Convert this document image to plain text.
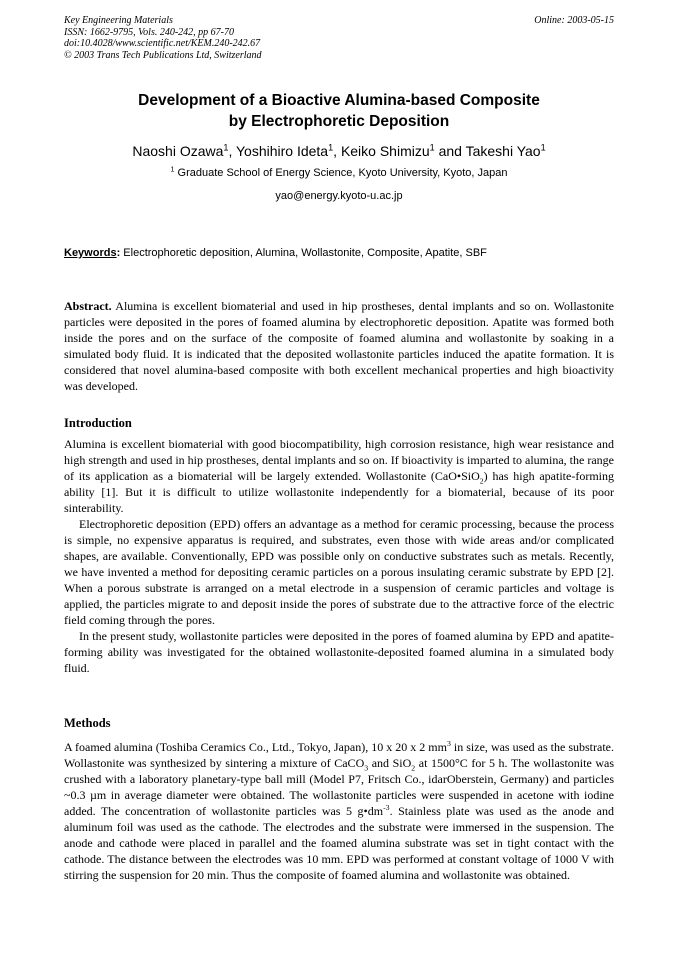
Key Engineering Materials
ISSN: 1662-9795, Vols. 240-242, pp 67-70
doi:10.4028/www.scientific.net/KEM.240-242.67
© 2003 Trans Tech Publications Ltd, Switzerland
Online: 2003-05-15
Development of a Bioactive Alumina-based Composite
by Electrophoretic Deposition
Naoshi Ozawa$^1$, Yoshihiro Ideta$^1$, Keiko Shimizu$^1$ and Takeshi Yao$^1$
$^1$ Graduate School of Energy Science, Kyoto University, Kyoto, Japan
yao@energy.kyoto-u.ac.jp
Keywords: Electrophoretic deposition, Alumina, Wollastonite, Composite, Apatite, SBF

Abstract. Alumina is excellent biomaterial and used in hip prostheses, dental implants and so on. Wollastonite particles were deposited in the pores of foamed alumina by electrophoretic deposition. Apatite was formed both inside the pores and on the surface of the composite of foamed alumina and wollastonite by soaking in a simulated body fluid. It is indicated that the deposited wollastonite particles induced the apatite formation. It is considered that novel alumina-based composite with both excellent mechanical properties and high bioactivity was developed.

Introduction

Alumina is excellent biomaterial with good biocompatibility, high corrosion resistance, high wear resistance and high strength and used in hip prostheses, dental implants and so on. If bioactivity is imparted to alumina, the range of its application as a biomaterial will be largely extended. Wollastonite (CaO•SiO$_2$) has high apatite-forming ability [1]. But it is difficult to utilize wollastonite independently for a biomaterial, because of its poor sinterability.

Electrophoretic deposition (EPD) offers an advantage as a method for ceramic processing, because the process is simple, no expensive apparatus is required, and substrates, even those with wide areas and/or complicated shapes, are available. Conventionally, EPD was possible only on conductive substrates such as metals. Recently, we have invented a method for depositing ceramic particles on a porous insulating ceramic substrate by EPD [2]. When a porous substrate is arranged on a metal electrode in a suspension of ceramic particles and voltage is applied, the particles migrate to and deposit inside the pores of substrate due to the attractive force of the electric field coming through the pores.

In the present study, wollastonite particles were deposited in the pores of foamed alumina by EPD and apatite-forming ability was investigated for the obtained wollastonite-deposited foamed alumina in a simulated body fluid.

Methods

A foamed alumina (Toshiba Ceramics Co., Ltd., Tokyo, Japan), 10 x 20 x 2 $mm^3$ in size, was used as the substrate. Wollastonite was synthesized by sintering a mixture of CaCO$_3$ and SiO$_2$ at 1500°C for 5 h. The wollastonite was crushed with a laboratory planetary-type ball mill (Model P7, Fritsch Co., idarOberstein, Germany) and particles ~0.3 µm in average diameter were obtained. The wollastonite particles were suspended in acetone with iodine added. The concentration of wollastonite particles was 5 $g•dm^{-3}$. Stainless plate was used as the anode and aluminum foil was used as the cathode. The electrodes and the substrate were immersed in the suspension. The anode and cathode were placed in parallel and the foamed alumina substrate was set in tight contact with the cathode. The distance between the electrodes was 10 mm. EPD was performed at constant voltage of 1000 V with stirring the suspension for 20 min. Thus the composite of foamed alumina and wollastonite was obtained.
